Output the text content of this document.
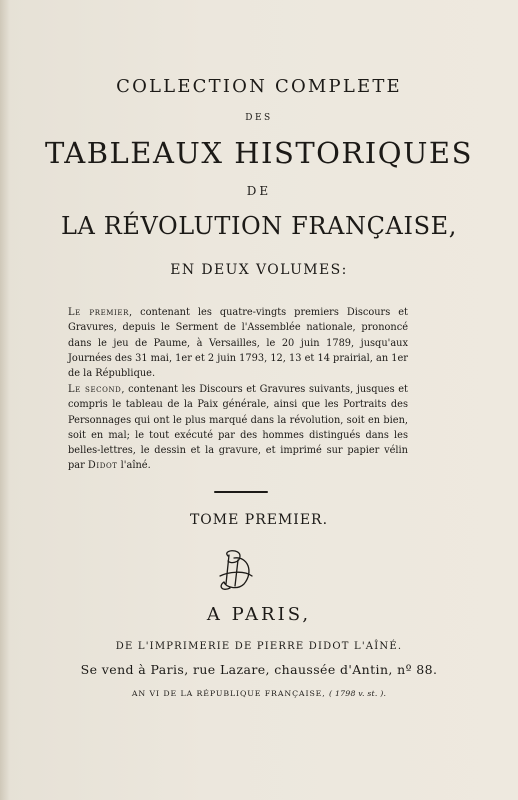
COLLECTION COMPLETE
DES
TABLEAUX HISTORIQUES
DE
LA RÉVOLUTION FRANÇAISE,
EN DEUX VOLUMES:
Le premier, contenant les quatre-vingts premiers Discours et Gravures, depuis le Serment de l'Assemblée nationale, prononcé dans le jeu de Paume, à Versailles, le 20 juin 1789, jusqu'aux Journées des 31 mai, 1er et 2 juin 1793, 12, 13 et 14 prairial, an 1er de la République.
Le second, contenant les Discours et Gravures suivants, jusques et compris le tableau de la Paix générale, ainsi que les Portraits des Personnages qui ont le plus marqué dans la révolution, soit en bien, soit en mal; le tout exécuté par des hommes distingués dans les belles-lettres, le dessin et la gravure, et imprimé sur papier vélin par Didot l'aîné.
TOME PREMIER.
A PARIS,
DE L'IMPRIMERIE DE PIERRE DIDOT L'AÎNÉ.
Se vend à Paris, rue Lazare, chaussée d'Antin, nº 88.
AN VI DE LA RÉPUBLIQUE FRANÇAISE, ( 1798 v. st. ).
